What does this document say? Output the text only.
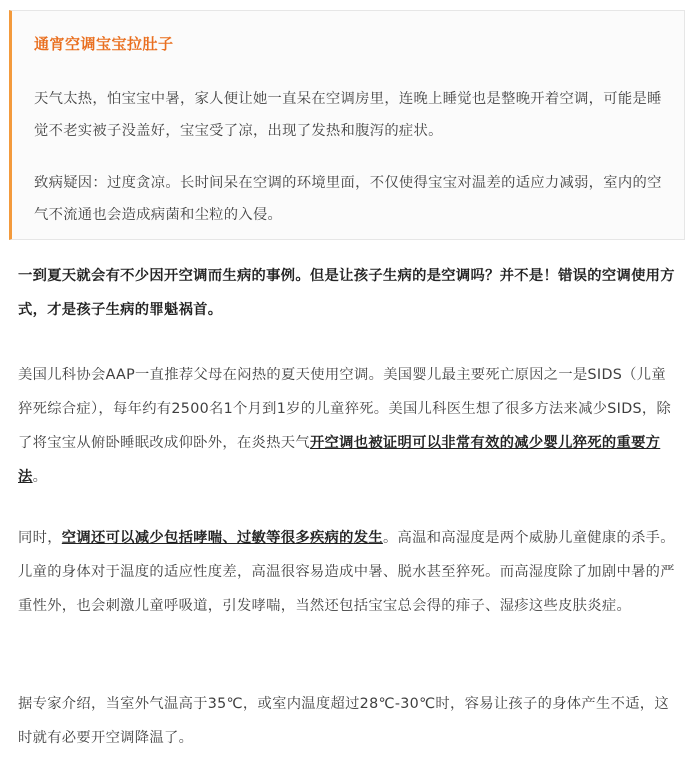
通宵空调宝宝拉肚子

天气太热，怕宝宝中暑，家人便让她一直呆在空调房里，连晚上睡觉也是整晚开着空调，可能是睡觉不老实被子没盖好，宝宝受了凉，出现了发热和腹泻的症状。

致病疑因：过度贪凉。长时间呆在空调的环境里面，不仅使得宝宝对温差的适应力减弱，室内的空气不流通也会造成病菌和尘粒的入侵。

一到夏天就会有不少因开空调而生病的事例。但是让孩子生病的是空调吗？并不是！错误的空调使用方式，才是孩子生病的罪魁祸首。

美国儿科协会AAP一直推荐父母在闷热的夏天使用空调。美国婴儿最主要死亡原因之一是SIDS（儿童猝死综合症），每年约有2500名1个月到1岁的儿童猝死。美国儿科医生想了很多方法来减少SIDS，除了将宝宝从俯卧睡眠改成仰卧外，在炎热天气开空调也被证明可以非常有效的减少婴儿猝死的重要方法。

同时，空调还可以减少包括哮喘、过敏等很多疾病的发生。高温和高湿度是两个威胁儿童健康的杀手。儿童的身体对于温度的适应性度差，高温很容易造成中暑、脱水甚至猝死。而高湿度除了加剧中暑的严重性外，也会刺激儿童呼吸道，引发哮喘，当然还包括宝宝总会得的痱子、湿疹这些皮肤炎症。

据专家介绍，当室外气温高于35℃，或室内温度超过28℃-30℃时，容易让孩子的身体产生不适，这时就有必要开空调降温了。
